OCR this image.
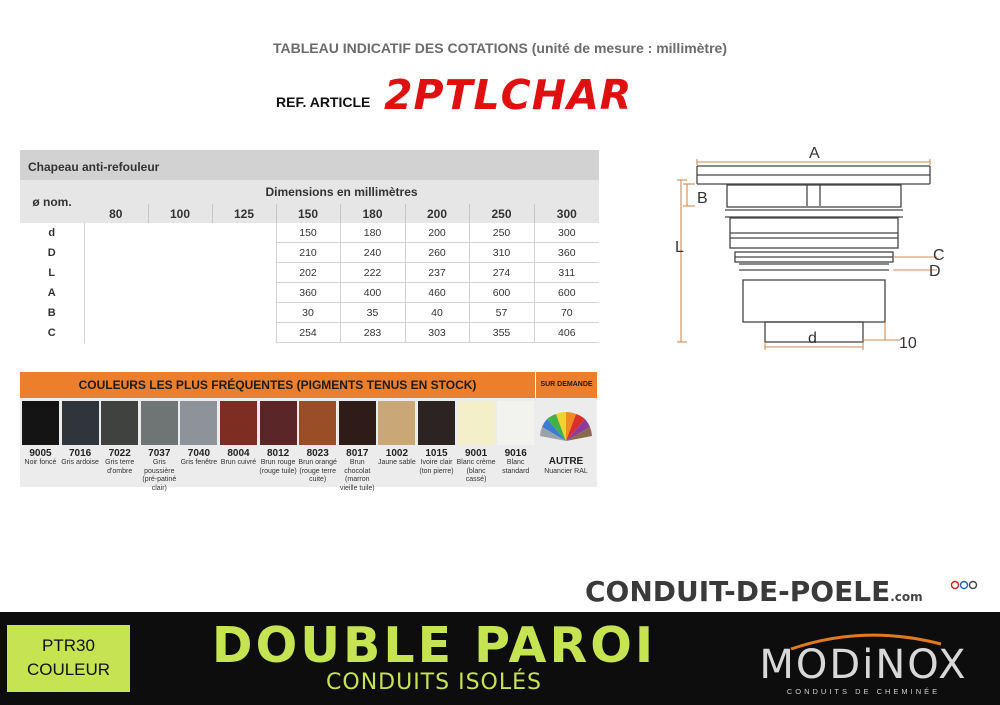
TABLEAU INDICATIF DES COTATIONS (unité de mesure : millimètre)
REF. ARTICLE 2PTLCHAR
Chapeau anti-refouleur
ø nom.	Dimensions en millimètres							
	80	100	125	150	180	200	250	300
d				150	180	200	250	300
D				210	240	260	310	360
L				202	222	237	274	311
A				360	400	460	600	600
B				30	35	40	57	70
C				254	283	303	355	406
COULEURS LES PLUS FRÉQUENTES (PIGMENTS TENUS EN STOCK)	SUR DEMANDE
9005
Noir foncé
7016
Gris ardoise
7022
Gris terre d'ombre
7037
Gris poussière (pré-patiné clair)
7040
Gris fenêtre
8004
Brun cuivré
8012
Brun rouge (rouge tuile)
8023
Brun orangé (rouge terre cuite)
8017
Brun chocolat (marron vieille tuile)
1002
Jaune sable
1015
Ivoire clair (ton pierre)
9001
Blanc crème (blanc cassé)
9016
Blanc standard
AUTRE
Nuancier RAL
A
B
L	C
D
d	10
CONDUIT-DE-POELE.com
PTR30
COULEUR	DOUBLE PAROI
CONDUITS ISOLÉS	MODiNOX
CONDUITS DE CHEMINÉE
